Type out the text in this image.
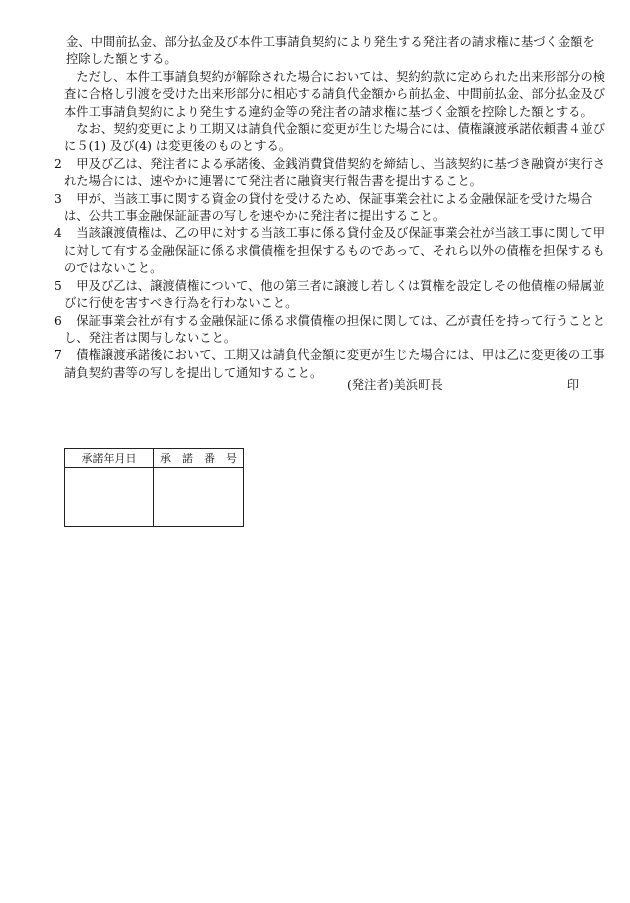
金、中間前払金、部分払金及び本件工事請負契約により発生する発注者の請求権に基づく金額を控除した額とする。

ただし、本件工事請負契約が解除された場合においては、契約約款に定められた出来形部分の検査に合格し引渡を受けた出来形部分に相応する請負代金額から前払金、中間前払金、部分払金及び本件工事請負契約により発生する違約金等の発注者の請求権に基づく金額を控除した額とする。

なお、契約変更により工期又は請負代金額に変更が生じた場合には、債権譲渡承諾依頼書４並びに５(1) 及び(4) は変更後のものとする。

2 甲及び乙は、発注者による承諾後、金銭消費貸借契約を締結し、当該契約に基づき融資が実行された場合には、速やかに連署にて発注者に融資実行報告書を提出すること。

3 甲が、当該工事に関する資金の貸付を受けるため、保証事業会社による金融保証を受けた場合は、公共工事金融保証証書の写しを速やかに発注者に提出すること。

4 当該譲渡債権は、乙の甲に対する当該工事に係る貸付金及び保証事業会社が当該工事に関して甲に対して有する金融保証に係る求償債権を担保するものであって、それら以外の債権を担保するものではないこと。

5 甲及び乙は、譲渡債権について、他の第三者に譲渡し若しくは質権を設定しその他債権の帰属並びに行使を害すべき行為を行わないこと。

6 保証事業会社が有する金融保証に係る求償債権の担保に関しては、乙が責任を持って行うこととし、発注者は関与しないこと。

7 債権譲渡承諾後において、工期又は請負代金額に変更が生じた場合には、甲は乙に変更後の工事請負契約書等の写しを提出して通知すること。

(発注者)美浜町長	印
承諾年月日	承　諾　番　号
